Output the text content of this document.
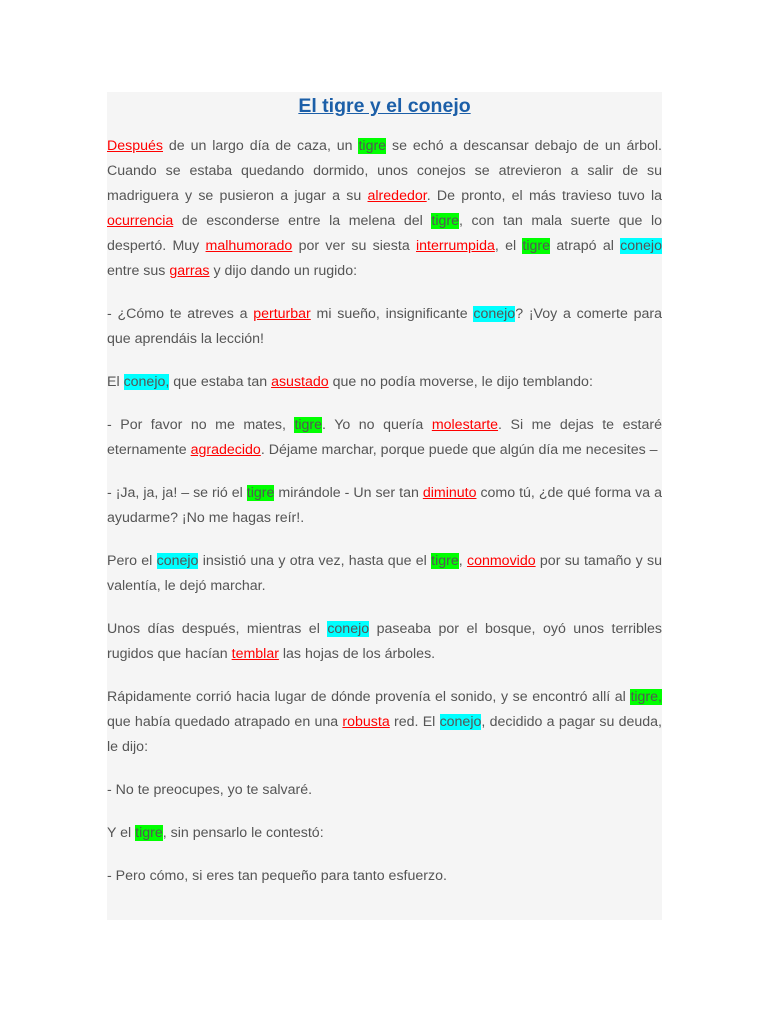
El tigre y el conejo

Después de un largo día de caza, un tigre se echó a descansar debajo de un árbol. Cuando se estaba quedando dormido, unos conejos se atrevieron a salir de su madriguera y se pusieron a jugar a su alrededor. De pronto, el más travieso tuvo la ocurrencia de esconderse entre la melena del tigre, con tan mala suerte que lo despertó. Muy malhumorado por ver su siesta interrumpida, el tigre atrapó al conejo entre sus garras y dijo dando un rugido:

- ¿Cómo te atreves a perturbar mi sueño, insignificante conejo? ¡Voy a comerte para que aprendáis la lección!

El conejo, que estaba tan asustado que no podía moverse, le dijo temblando:

- Por favor no me mates, tigre. Yo no quería molestarte. Si me dejas te estaré eternamente agradecido. Déjame marchar, porque puede que algún día me necesites –

- ¡Ja, ja, ja! – se rió el tigre mirándole - Un ser tan diminuto como tú, ¿de qué forma va a ayudarme? ¡No me hagas reír!.

Pero el conejo insistió una y otra vez, hasta que el tigre, conmovido por su tamaño y su valentía, le dejó marchar.

Unos días después, mientras el conejo paseaba por el bosque, oyó unos terribles rugidos que hacían temblar las hojas de los árboles.

Rápidamente corrió hacia lugar de dónde provenía el sonido, y se encontró allí al tigre, que había quedado atrapado en una robusta red. El conejo, decidido a pagar su deuda, le dijo:

- No te preocupes, yo te salvaré.

Y el tigre, sin pensarlo le contestó:

- Pero cómo, si eres tan pequeño para tanto esfuerzo.
